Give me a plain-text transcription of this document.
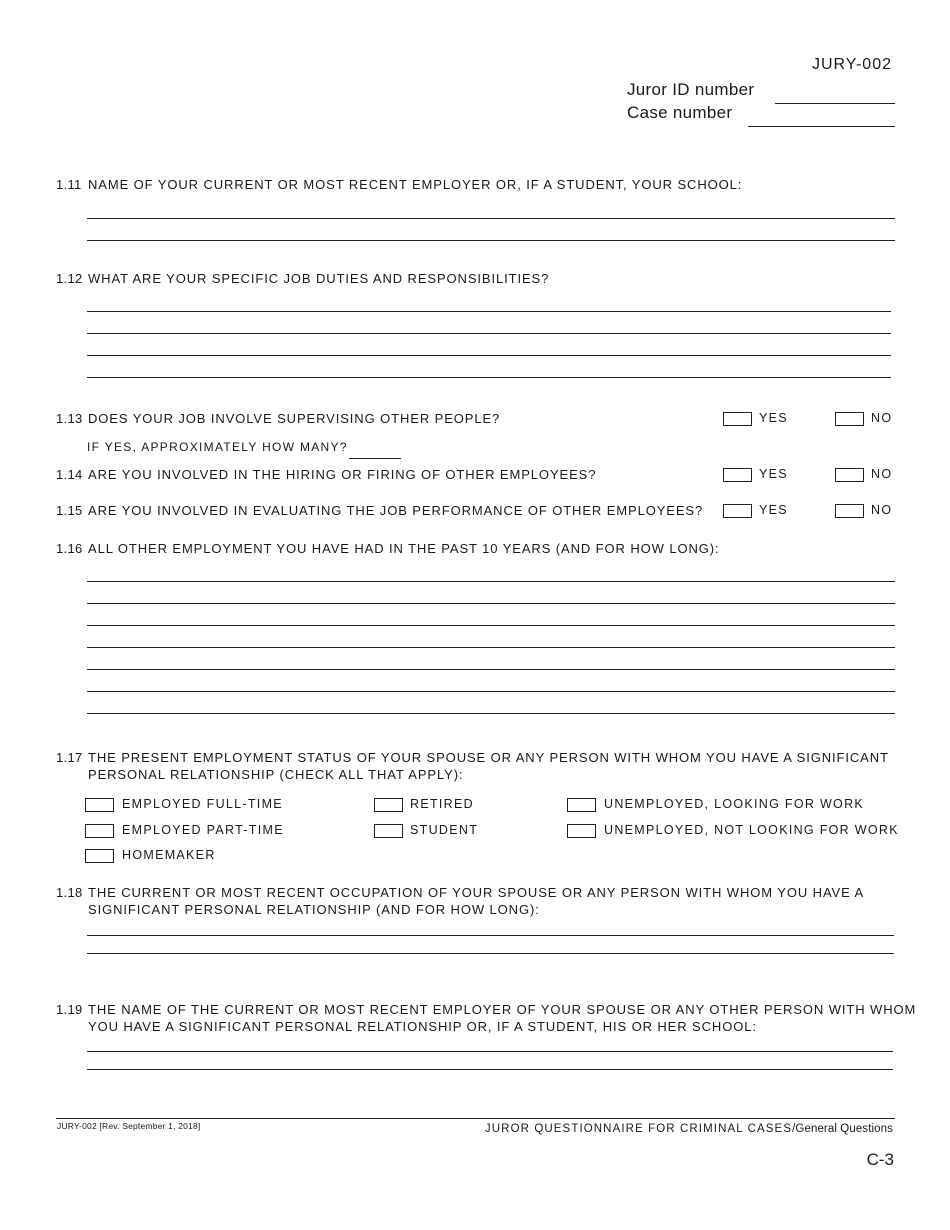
JURY-002
Juror ID number
Case number
1.11 NAME OF YOUR CURRENT OR MOST RECENT EMPLOYER OR, IF A STUDENT, YOUR SCHOOL:
1.12 WHAT ARE YOUR SPECIFIC JOB DUTIES AND RESPONSIBILITIES?
1.13 DOES YOUR JOB INVOLVE SUPERVISING OTHER PEOPLE?	YES	NO
IF YES, APPROXIMATELY HOW MANY?
1.14 ARE YOU INVOLVED IN THE HIRING OR FIRING OF OTHER EMPLOYEES?	YES	NO
1.15 ARE YOU INVOLVED IN EVALUATING THE JOB PERFORMANCE OF OTHER EMPLOYEES?	YES	NO
1.16 ALL OTHER EMPLOYMENT YOU HAVE HAD IN THE PAST 10 YEARS (AND FOR HOW LONG):
1.17 THE PRESENT EMPLOYMENT STATUS OF YOUR SPOUSE OR ANY PERSON WITH WHOM YOU HAVE A SIGNIFICANT
PERSONAL RELATIONSHIP (CHECK ALL THAT APPLY):
EMPLOYED FULL-TIME	RETIRED	UNEMPLOYED, LOOKING FOR WORK
EMPLOYED PART-TIME	STUDENT	UNEMPLOYED, NOT LOOKING FOR WORK
HOMEMAKER
1.18 THE CURRENT OR MOST RECENT OCCUPATION OF YOUR SPOUSE OR ANY PERSON WITH WHOM YOU HAVE A
SIGNIFICANT PERSONAL RELATIONSHIP (AND FOR HOW LONG):
1.19 THE NAME OF THE CURRENT OR MOST RECENT EMPLOYER OF YOUR SPOUSE OR ANY OTHER PERSON WITH WHOM
YOU HAVE A SIGNIFICANT PERSONAL RELATIONSHIP OR, IF A STUDENT, HIS OR HER SCHOOL:
JURY-002 [Rev. September 1, 2018]	JUROR QUESTIONNAIRE FOR CRIMINAL CASES/General Questions
C-3
